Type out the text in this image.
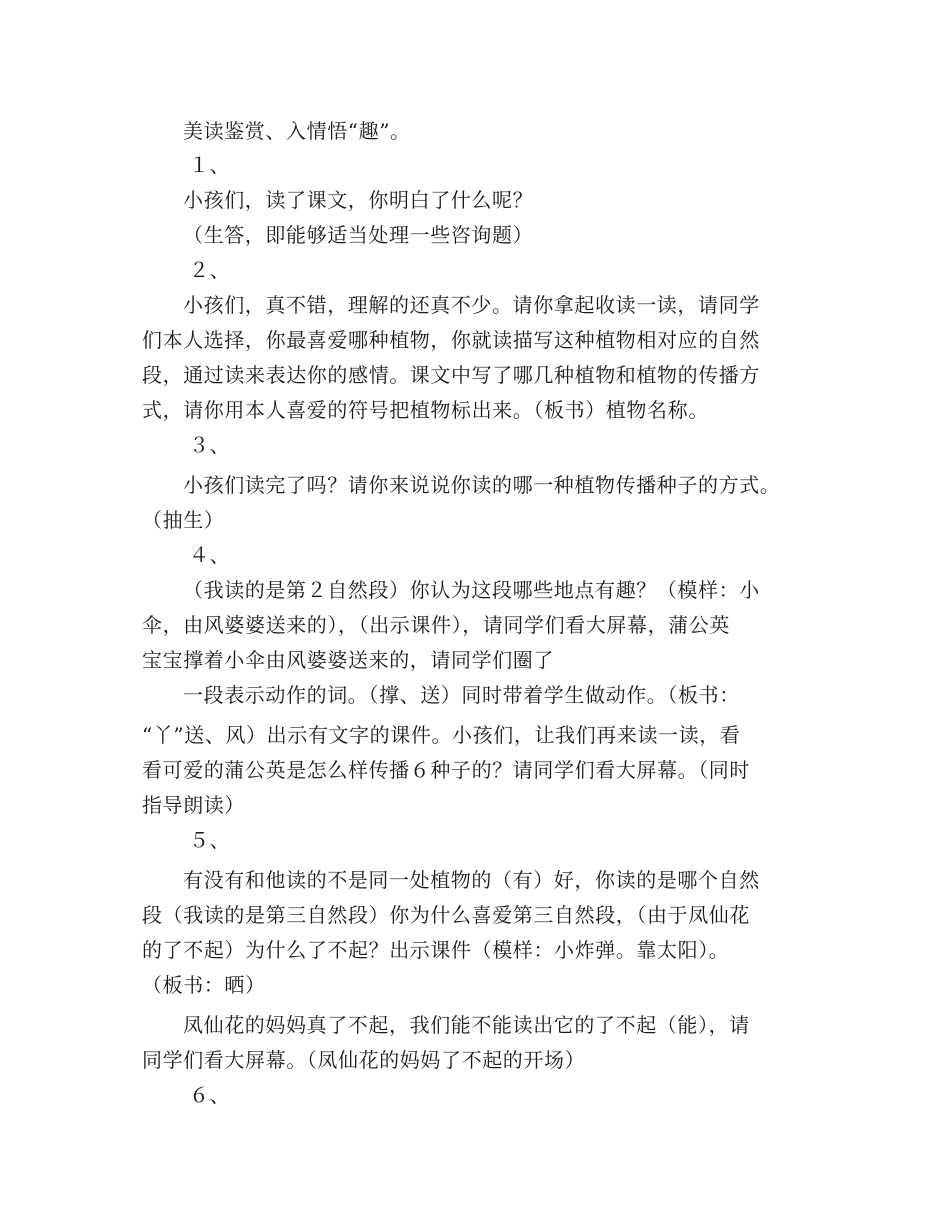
美读鉴赏、入情悟“趣”。

１、

小孩们，读了课文，你明白了什么呢？

（生答，即能够适当处理一些咨询题）

２、

小孩们，真不错，理解的还真不少。请你拿起收读一读，请同学

们本人选择，你最喜爱哪种植物，你就读描写这种植物相对应的自然

段，通过读来表达你的感情。课文中写了哪几种植物和植物的传播方

式，请你用本人喜爱的符号把植物标出来。（板书）植物名称。

３、

小孩们读完了吗？请你来说说你读的哪一种植物传播种子的方式。

（抽生）

４、

（我读的是第２自然段）你认为这段哪些地点有趣？（模样：小

伞，由风婆婆送来的），（出示课件），请同学们看大屏幕，蒲公英

宝宝撑着小伞由风婆婆送来的，请同学们圈了

一段表示动作的词。（撑、送）同时带着学生做动作。（板书：

“丫”送、风）出示有文字的课件。小孩们，让我们再来读一读，看

看可爱的蒲公英是怎么样传播６种子的？请同学们看大屏幕。（同时

指导朗读）

５、

有没有和他读的不是同一处植物的（有）好，你读的是哪个自然

段（我读的是第三自然段）你为什么喜爱第三自然段，（由于凤仙花

的了不起）为什么了不起？出示课件（模样：小炸弹。靠太阳）。

（板书：晒）

凤仙花的妈妈真了不起，我们能不能读出它的了不起（能），请

同学们看大屏幕。（凤仙花的妈妈了不起的开场）

６、
